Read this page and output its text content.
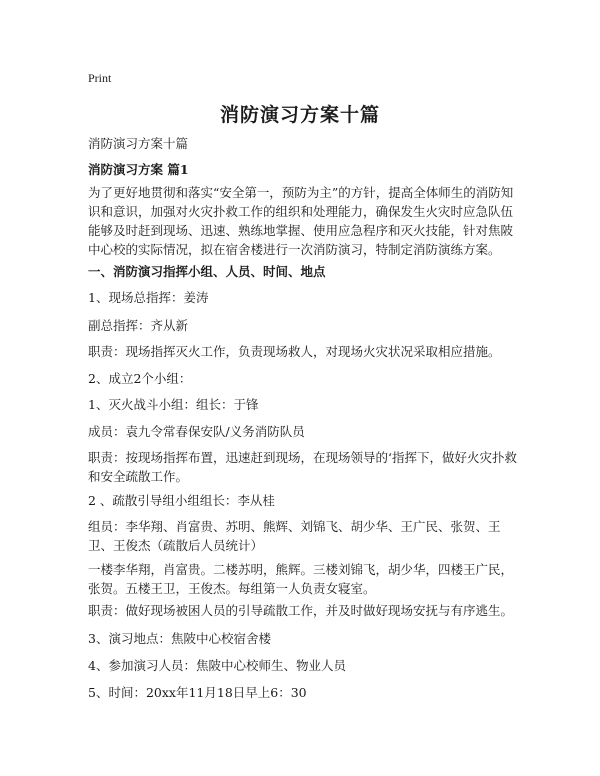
Print
消防演习方案十篇
消防演习方案十篇
消防演习方案 篇1
为了更好地贯彻和落实“安全第一，预防为主”的方针，提高全体师生的消防知识和意识，加强对火灾扑救工作的组织和处理能力，确保发生火灾时应急队伍能够及时赶到现场、迅速、熟练地掌握、使用应急程序和灭火技能，针对焦陂中心校的实际情况，拟在宿舍楼进行一次消防演习，特制定消防演练方案。
一、消防演习指挥小组、人员、时间、地点
1、现场总指挥：姜涛
副总指挥：齐从新
职责：现场指挥灭火工作，负责现场救人，对现场火灾状况采取相应措施。
2、成立2个小组：
1、灭火战斗小组：组长：于锋
成员：袁九令常春保安队/义务消防队员
职责：按现场指挥布置，迅速赶到现场，在现场领导的‘指挥下，做好火灾扑救和安全疏散工作。
2 、疏散引导组小组组长：李从桂
组员：李华翔、肖富贵、苏明、熊辉、刘锦飞、胡少华、王广民、张贺、王卫、王俊杰（疏散后人员统计）
一楼李华翔，肖富贵。二楼苏明，熊辉。三楼刘锦飞，胡少华，四楼王广民，张贺。五楼王卫，王俊杰。每组第一人负责女寝室。
职责：做好现场被困人员的引导疏散工作，并及时做好现场安抚与有序逃生。
3、演习地点：焦陂中心校宿舍楼
4、参加演习人员：焦陂中心校师生、物业人员
5、时间：20xx年11月18日早上6：30
